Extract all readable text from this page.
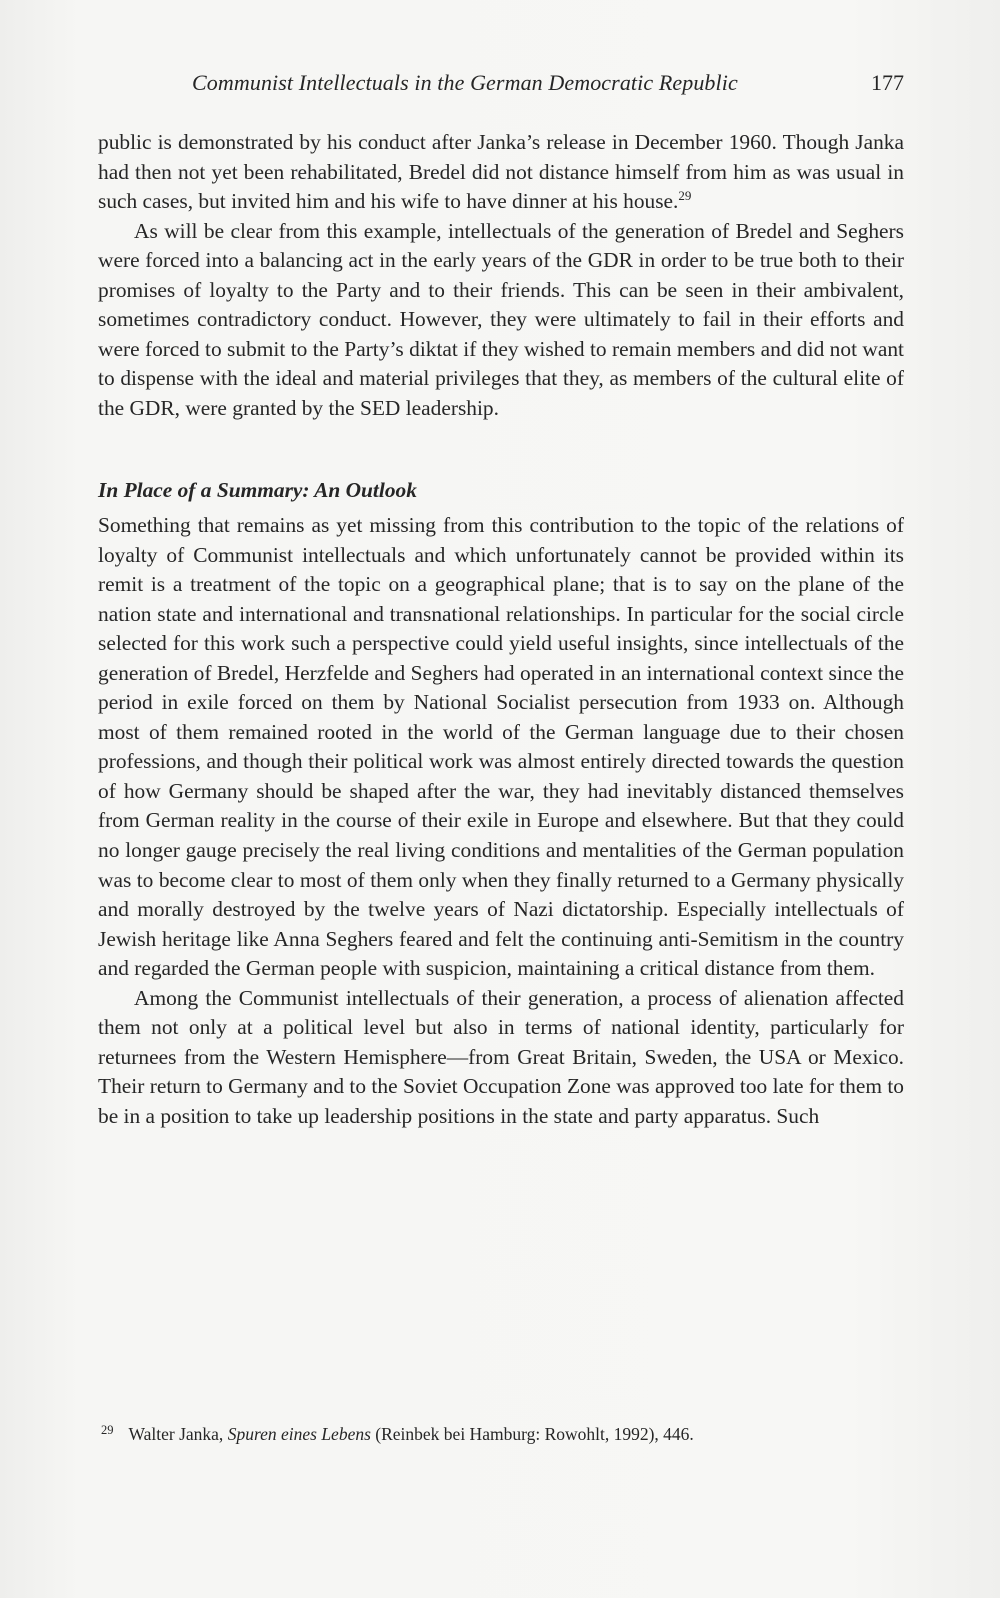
Communist Intellectuals in the German Democratic Republic	177

public is demonstrated by his conduct after Janka’s release in December 1960. Though Janka had then not yet been rehabilitated, Bredel did not distance himself from him as was usual in such cases, but invited him and his wife to have dinner at his house.$^{29}$

As will be clear from this example, intellectuals of the generation of Bredel and Seghers were forced into a balancing act in the early years of the GDR in order to be true both to their promises of loyalty to the Party and to their friends. This can be seen in their ambivalent, sometimes contradictory conduct. However, they were ultimately to fail in their efforts and were forced to submit to the Party’s diktat if they wished to remain members and did not want to dispense with the ideal and material privileges that they, as members of the cultural elite of the GDR, were granted by the SED leadership.

In Place of a Summary: An Outlook

Something that remains as yet missing from this contribution to the topic of the relations of loyalty of Communist intellectuals and which unfortunately cannot be provided within its remit is a treatment of the topic on a geographical plane; that is to say on the plane of the nation state and international and transnational relationships. In particular for the social circle selected for this work such a perspective could yield useful insights, since intellectuals of the generation of Bredel, Herzfelde and Seghers had operated in an international context since the period in exile forced on them by National Socialist persecution from 1933 on. Although most of them remained rooted in the world of the German language due to their chosen professions, and though their political work was almost entirely directed towards the question of how Germany should be shaped after the war, they had inevitably distanced themselves from German reality in the course of their exile in Europe and elsewhere. But that they could no longer gauge precisely the real living conditions and mentalities of the German population was to become clear to most of them only when they finally returned to a Germany physically and morally destroyed by the twelve years of Nazi dictatorship. Especially intellectuals of Jewish heritage like Anna Seghers feared and felt the continuing anti-Semitism in the country and regarded the German people with suspicion, maintaining a critical distance from them.

Among the Communist intellectuals of their generation, a process of alienation affected them not only at a political level but also in terms of national identity, particularly for returnees from the Western Hemisphere—from Great Britain, Sweden, the USA or Mexico. Their return to Germany and to the Soviet Occupation Zone was approved too late for them to be in a position to take up leadership positions in the state and party apparatus. Such

$^{29}$ Walter Janka, Spuren eines Lebens (Reinbek bei Hamburg: Rowohlt, 1992), 446.
